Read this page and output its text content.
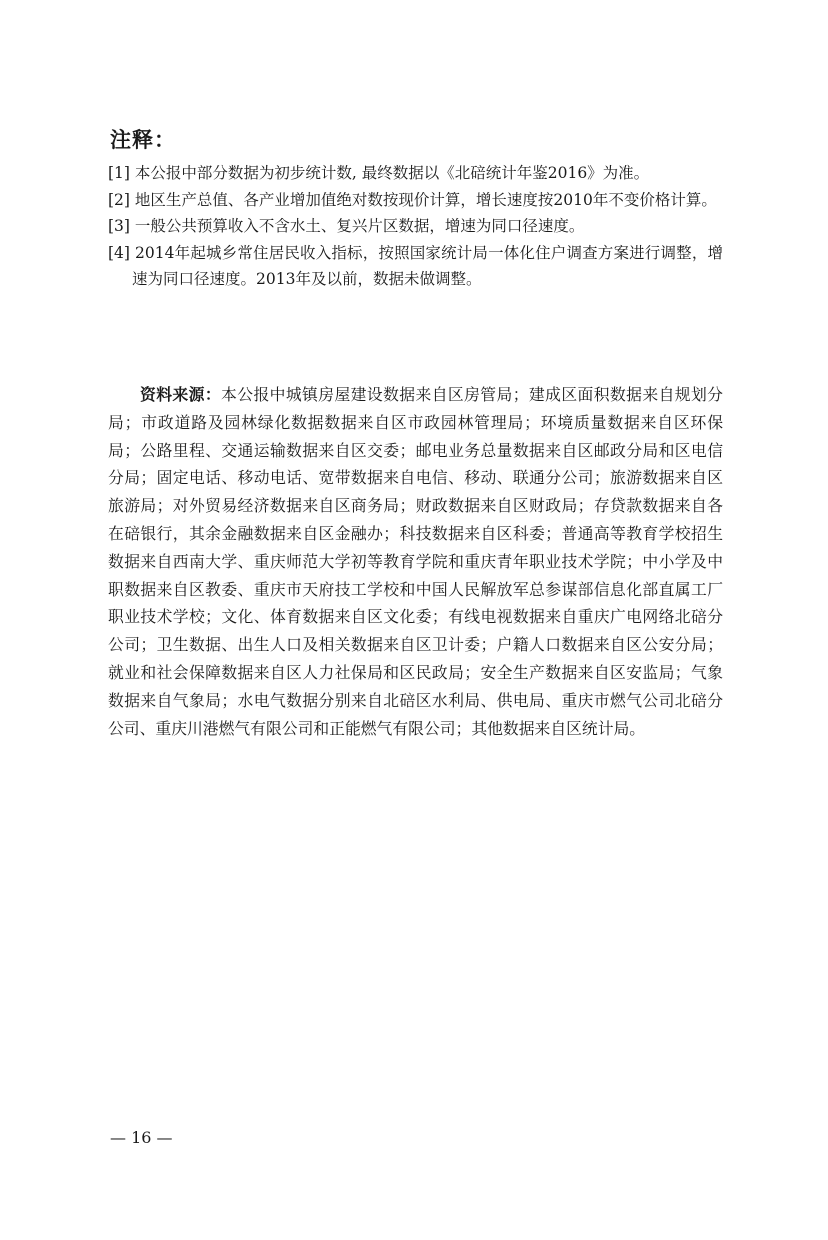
注释：
[1] 本公报中部分数据为初步统计数, 最终数据以《北碚统计年鉴2016》为准。
[2] 地区生产总值、各产业增加值绝对数按现价计算，增长速度按2010年不变价格计算。
[3] 一般公共预算收入不含水土、复兴片区数据，增速为同口径速度。
[4] 2014年起城乡常住居民收入指标，按照国家统计局一体化住户调查方案进行调整，增速为同口径速度。2013年及以前，数据未做调整。

资料来源：本公报中城镇房屋建设数据来自区房管局；建成区面积数据来自规划分局；市政道路及园林绿化数据数据来自区市政园林管理局；环境质量数据来自区环保局；公路里程、交通运输数据来自区交委；邮电业务总量数据来自区邮政分局和区电信分局；固定电话、移动电话、宽带数据来自电信、移动、联通分公司；旅游数据来自区旅游局；对外贸易经济数据来自区商务局；财政数据来自区财政局；存贷款数据来自各在碚银行，其余金融数据来自区金融办；科技数据来自区科委；普通高等教育学校招生数据来自西南大学、重庆师范大学初等教育学院和重庆青年职业技术学院；中小学及中职数据来自区教委、重庆市天府技工学校和中国人民解放军总参谋部信息化部直属工厂职业技术学校；文化、体育数据来自区文化委；有线电视数据来自重庆广电网络北碚分公司；卫生数据、出生人口及相关数据来自区卫计委；户籍人口数据来自区公安分局；就业和社会保障数据来自区人力社保局和区民政局；安全生产数据来自区安监局；气象数据来自气象局；水电气数据分别来自北碚区水利局、供电局、重庆市燃气公司北碚分公司、重庆川港燃气有限公司和正能燃气有限公司；其他数据来自区统计局。

— 16 —
